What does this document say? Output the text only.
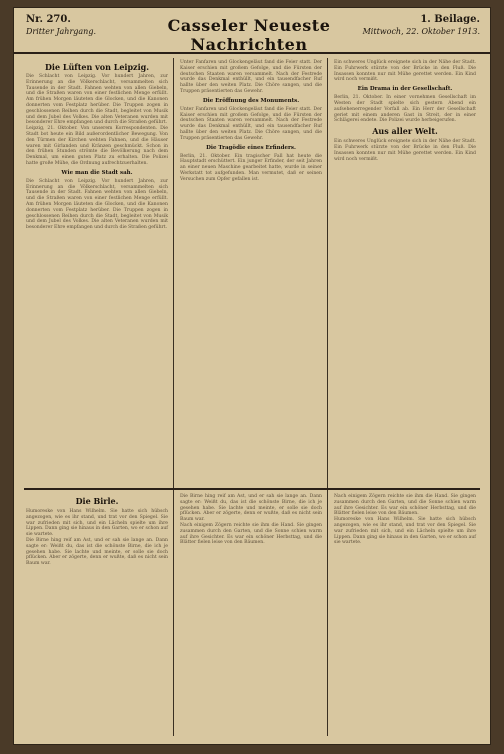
Nr. 270.
Dritter Jahrgang.	Casseler Neueste Nachrichten
1. Beilage.
Mittwoch, 22. Oktober 1913.
Die Lüften von Leipzig.
Die Schlacht von Leipzig. Vor hundert Jahren, zur Erinnerung an die Völkerschlacht, versammelten sich Tausende in der Stadt. Fahnen wehten von allen Giebeln, und die Straßen waren von einer festlichen Menge erfüllt. Am frühen Morgen läuteten die Glocken, und die Kanonen donnerten vom Festplatz herüber. Die Truppen zogen in geschlossenen Reihen durch die Stadt, begleitet von Musik und dem Jubel des Volkes. Die alten Veteranen wurden mit besonderer Ehre empfangen und durch die Straßen geführt.
Leipzig, 21. Oktober. Von unserem Korrespondenten. Die Stadt bot heute ein Bild außerordentlicher Bewegung. Von den Türmen der Kirchen wehten Fahnen, und die Häuser waren mit Girlanden und Kränzen geschmückt. Schon in den frühen Stunden strömte die Bevölkerung nach dem Denkmal, um einen guten Platz zu erhalten. Die Polizei hatte große Mühe, die Ordnung aufrechtzuerhalten.
Wie man die Stadt sah.
Die Schlacht von Leipzig. Vor hundert Jahren, zur Erinnerung an die Völkerschlacht, versammelten sich Tausende in der Stadt. Fahnen wehten von allen Giebeln, und die Straßen waren von einer festlichen Menge erfüllt. Am frühen Morgen läuteten die Glocken, und die Kanonen donnerten vom Festplatz herüber. Die Truppen zogen in geschlossenen Reihen durch die Stadt, begleitet von Musik und dem Jubel des Volkes. Die alten Veteranen wurden mit besonderer Ehre empfangen und durch die Straßen geführt.
Unter Fanfaren und Glockengeläut fand die Feier statt. Der Kaiser erschien mit großem Gefolge, und die Fürsten der deutschen Staaten waren versammelt. Nach der Festrede wurde das Denkmal enthüllt, und ein tausendfacher Ruf hallte über den weiten Platz. Die Chöre sangen, und die Truppen präsentierten das Gewehr.
Die Eröffnung des Monuments.
Unter Fanfaren und Glockengeläut fand die Feier statt. Der Kaiser erschien mit großem Gefolge, und die Fürsten der deutschen Staaten waren versammelt. Nach der Festrede wurde das Denkmal enthüllt, und ein tausendfacher Ruf hallte über den weiten Platz. Die Chöre sangen, und die Truppen präsentierten das Gewehr.
Die Tragödie eines Erfinders.
Berlin, 21. Oktober. Ein tragischer Fall hat heute die Hauptstadt erschüttert. Ein junger Erfinder, der seit Jahren an einer neuen Maschine gearbeitet hatte, wurde in seiner Werkstatt tot aufgefunden. Man vermutet, daß er seinen Versuchen zum Opfer gefallen ist.
Ein schweres Unglück ereignete sich in der Nähe der Stadt. Ein Fuhrwerk stürzte von der Brücke in den Fluß. Die Insassen konnten nur mit Mühe gerettet werden. Ein Kind wird noch vermißt.
Ein Drama in der Gesellschaft.
Berlin, 21. Oktober. In einer vornehmen Gesellschaft im Westen der Stadt spielte sich gestern Abend ein aufsehenerregender Vorfall ab. Ein Herr der Gesellschaft geriet mit einem anderen Gast in Streit, der in einer Schlägerei endete. Die Polizei wurde herbeigerufen.
Aus aller Welt.
Ein schweres Unglück ereignete sich in der Nähe der Stadt. Ein Fuhrwerk stürzte von der Brücke in den Fluß. Die Insassen konnten nur mit Mühe gerettet werden. Ein Kind wird noch vermißt.
Die Birle.
Humoreske von Hans Wilhelm. Sie hatte sich hübsch angezogen, wie es ihr stand, und trat vor den Spiegel. Sie war zufrieden mit sich, und ein Lächeln spielte um ihre Lippen. Dann ging sie hinaus in den Garten, wo er schon auf sie wartete.
Die Birne hing reif am Ast, und er sah sie lange an. Dann sagte er: Weißt du, das ist die schönste Birne, die ich je gesehen habe. Sie lachte und meinte, er solle sie doch pflücken. Aber er zögerte, denn er wußte, daß es nicht sein Baum war.
Die Birne hing reif am Ast, und er sah sie lange an. Dann sagte er: Weißt du, das ist die schönste Birne, die ich je gesehen habe. Sie lachte und meinte, er solle sie doch pflücken. Aber er zögerte, denn er wußte, daß es nicht sein Baum war.
Nach einigem Zögern reichte sie ihm die Hand. Sie gingen zusammen durch den Garten, und die Sonne schien warm auf ihre Gesichter. Es war ein schöner Herbsttag, und die Blätter fielen leise von den Bäumen.
Nach einigem Zögern reichte sie ihm die Hand. Sie gingen zusammen durch den Garten, und die Sonne schien warm auf ihre Gesichter. Es war ein schöner Herbsttag, und die Blätter fielen leise von den Bäumen.
Humoreske von Hans Wilhelm. Sie hatte sich hübsch angezogen, wie es ihr stand, und trat vor den Spiegel. Sie war zufrieden mit sich, und ein Lächeln spielte um ihre Lippen. Dann ging sie hinaus in den Garten, wo er schon auf sie wartete.
